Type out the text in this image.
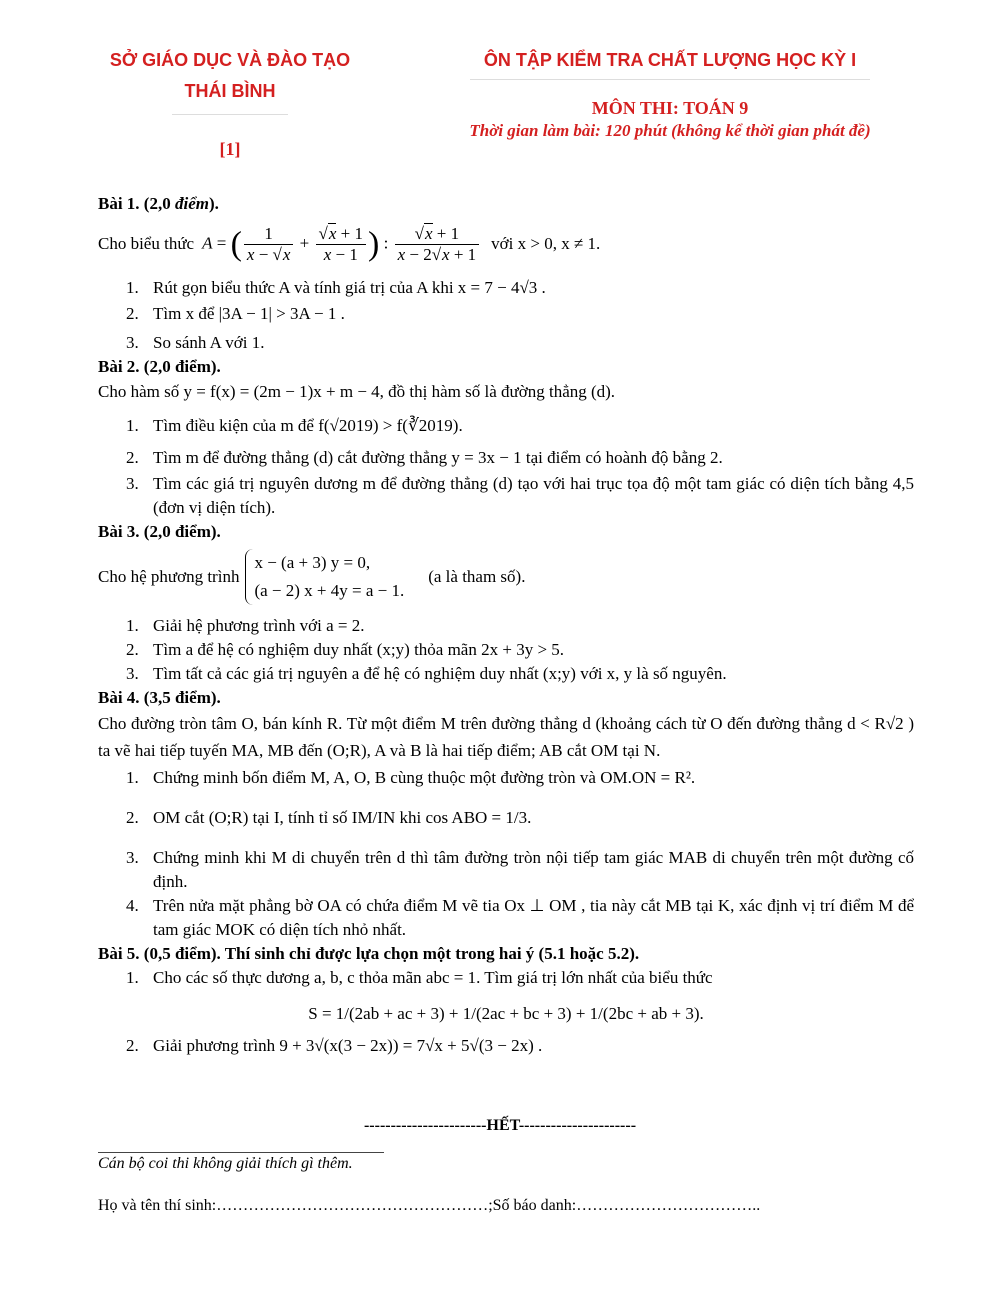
SỞ GIÁO DỤC VÀ ĐÀO TẠO
THÁI BÌNH
[1]
ÔN TẬP KIỂM TRA CHẤT LƯỢNG HỌC KỲ I
MÔN THI: TOÁN 9
Thời gian làm bài: 120 phút (không kể thời gian phát đề)
Bài 1. (2,0 điểm).
Cho biểu thức A = ( $\frac{1}{x - √x} + \frac{√x + 1}{x - 1}$ ) : $\frac{√x + 1}{x - 2√x + 1}$ với x > 0, x ≠ 1.
1. Rút gọn biểu thức A và tính giá trị của A khi x = 7 − 4√3 .
2. Tìm x để |3A − 1| > 3A − 1 .
3. So sánh A với 1.
Bài 2. (2,0 điểm).
Cho hàm số y = f(x) = (2m − 1)x + m − 4, đồ thị hàm số là đường thẳng (d).
1. Tìm điều kiện của m để f(√2019) > f(∛2019).
2. Tìm m để đường thẳng (d) cắt đường thẳng y = 3x − 1 tại điểm có hoành độ bằng 2.
3. Tìm các giá trị nguyên dương m để đường thẳng (d) tạo với hai trục tọa độ một tam giác có diện tích bằng 4,5 (đơn vị diện tích).
Bài 3. (2,0 điểm).
Cho hệ phương trình
x − (a + 3) y = 0,
(a − 2) x + 4y = a − 1.
(a là tham số).
1. Giải hệ phương trình với a = 2.
2. Tìm a để hệ có nghiệm duy nhất (x;y) thỏa mãn 2x + 3y > 5.
3. Tìm tất cả các giá trị nguyên a để hệ có nghiệm duy nhất (x;y) với x, y là số nguyên.
Bài 4. (3,5 điểm).
Cho đường tròn tâm O, bán kính R. Từ một điểm M trên đường thẳng d (khoảng cách từ O đến đường thẳng d < R√2 ) ta vẽ hai tiếp tuyến MA, MB đến (O;R), A và B là hai tiếp điểm; AB cắt OM tại N.
1. Chứng minh bốn điểm M, A, O, B cùng thuộc một đường tròn và OM.ON = R².
2. OM cắt (O;R) tại I, tính tỉ số IM/IN khi cos ABO = 1/3.
3. Chứng minh khi M di chuyển trên d thì tâm đường tròn nội tiếp tam giác MAB di chuyển trên một đường cố định.
4. Trên nửa mặt phẳng bờ OA có chứa điểm M vẽ tia Ox ⊥ OM , tia này cắt MB tại K, xác định vị trí điểm M để tam giác MOK có diện tích nhỏ nhất.
Bài 5. (0,5 điểm). Thí sinh chỉ được lựa chọn một trong hai ý (5.1 hoặc 5.2).
1. Cho các số thực dương a, b, c thỏa mãn abc = 1. Tìm giá trị lớn nhất của biểu thức
S = 1/(2ab + ac + 3) + 1/(2ac + bc + 3) + 1/(2bc + ab + 3).
2. Giải phương trình 9 + 3√(x(3 − 2x)) = 7√x + 5√(3 − 2x) .
-----------------------HẾT----------------------
Cán bộ coi thi không giải thích gì thêm.
Họ và tên thí sinh:……………………………………………;Số báo danh:……………………………..
